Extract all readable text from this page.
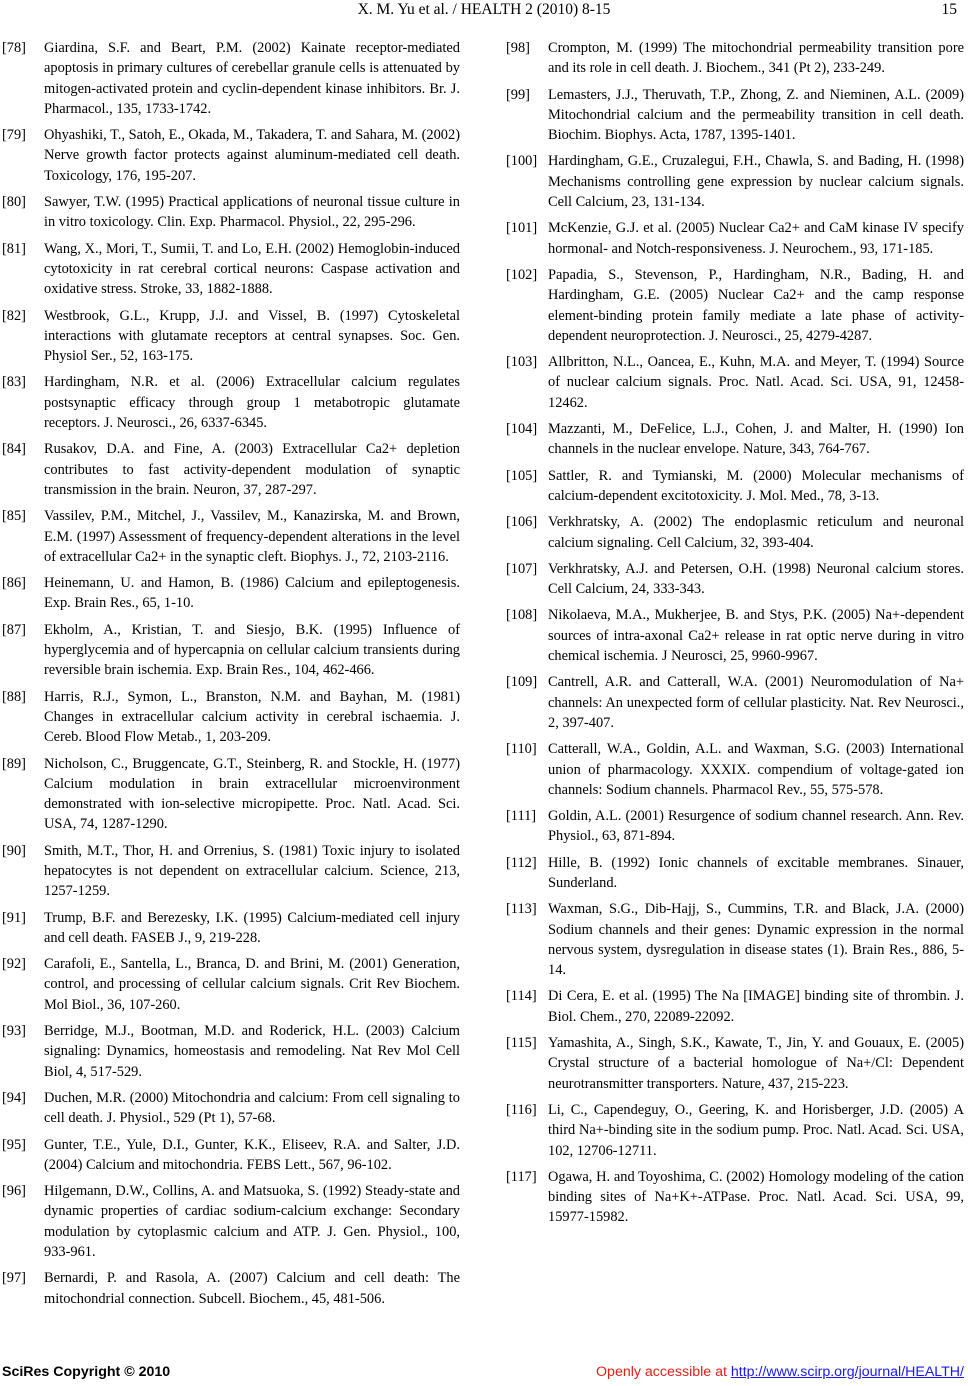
X. M. Yu et al. / HEALTH 2 (2010) 8-15	15
[78] Giardina, S.F. and Beart, P.M. (2002) Kainate receptor-mediated apoptosis in primary cultures of cerebellar granule cells is attenuated by mitogen-activated protein and cyclin-dependent kinase inhibitors. Br. J. Pharmacol., 135, 1733-1742.
[79] Ohyashiki, T., Satoh, E., Okada, M., Takadera, T. and Sahara, M. (2002) Nerve growth factor protects against aluminum-mediated cell death. Toxicology, 176, 195-207.
[80] Sawyer, T.W. (1995) Practical applications of neuronal tissue culture in in vitro toxicology. Clin. Exp. Pharmacol. Physiol., 22, 295-296.
[81] Wang, X., Mori, T., Sumii, T. and Lo, E.H. (2002) Hemoglobin-induced cytotoxicity in rat cerebral cortical neurons: Caspase activation and oxidative stress. Stroke, 33, 1882-1888.
[82] Westbrook, G.L., Krupp, J.J. and Vissel, B. (1997) Cytoskeletal interactions with glutamate receptors at central synapses. Soc. Gen. Physiol Ser., 52, 163-175.
[83] Hardingham, N.R. et al. (2006) Extracellular calcium regulates postsynaptic efficacy through group 1 metabotropic glutamate receptors. J. Neurosci., 26, 6337-6345.
[84] Rusakov, D.A. and Fine, A. (2003) Extracellular Ca2+ depletion contributes to fast activity-dependent modulation of synaptic transmission in the brain. Neuron, 37, 287-297.
[85] Vassilev, P.M., Mitchel, J., Vassilev, M., Kanazirska, M. and Brown, E.M. (1997) Assessment of frequency-dependent alterations in the level of extracellular Ca2+ in the synaptic cleft. Biophys. J., 72, 2103-2116.
[86] Heinemann, U. and Hamon, B. (1986) Calcium and epileptogenesis. Exp. Brain Res., 65, 1-10.
[87] Ekholm, A., Kristian, T. and Siesjo, B.K. (1995) Influence of hyperglycemia and of hypercapnia on cellular calcium transients during reversible brain ischemia. Exp. Brain Res., 104, 462-466.
[88] Harris, R.J., Symon, L., Branston, N.M. and Bayhan, M. (1981) Changes in extracellular calcium activity in cerebral ischaemia. J. Cereb. Blood Flow Metab., 1, 203-209.
[89] Nicholson, C., Bruggencate, G.T., Steinberg, R. and Stockle, H. (1977) Calcium modulation in brain extracellular microenvironment demonstrated with ion-selective micropipette. Proc. Natl. Acad. Sci. USA, 74, 1287-1290.
[90] Smith, M.T., Thor, H. and Orrenius, S. (1981) Toxic injury to isolated hepatocytes is not dependent on extracellular calcium. Science, 213, 1257-1259.
[91] Trump, B.F. and Berezesky, I.K. (1995) Calcium-mediated cell injury and cell death. FASEB J., 9, 219-228.
[92] Carafoli, E., Santella, L., Branca, D. and Brini, M. (2001) Generation, control, and processing of cellular calcium signals. Crit Rev Biochem. Mol Biol., 36, 107-260.
[93] Berridge, M.J., Bootman, M.D. and Roderick, H.L. (2003) Calcium signaling: Dynamics, homeostasis and remodeling. Nat Rev Mol Cell Biol, 4, 517-529.
[94] Duchen, M.R. (2000) Mitochondria and calcium: From cell signaling to cell death. J. Physiol., 529 (Pt 1), 57-68.
[95] Gunter, T.E., Yule, D.I., Gunter, K.K., Eliseev, R.A. and Salter, J.D. (2004) Calcium and mitochondria. FEBS Lett., 567, 96-102.
[96] Hilgemann, D.W., Collins, A. and Matsuoka, S. (1992) Steady-state and dynamic properties of cardiac sodium-calcium exchange: Secondary modulation by cytoplasmic calcium and ATP. J. Gen. Physiol., 100, 933-961.
[97] Bernardi, P. and Rasola, A. (2007) Calcium and cell death: The mitochondrial connection. Subcell. Biochem., 45, 481-506.
[98] Crompton, M. (1999) The mitochondrial permeability transition pore and its role in cell death. J. Biochem., 341 (Pt 2), 233-249.
[99] Lemasters, J.J., Theruvath, T.P., Zhong, Z. and Nieminen, A.L. (2009) Mitochondrial calcium and the permeability transition in cell death. Biochim. Biophys. Acta, 1787, 1395-1401.
[100] Hardingham, G.E., Cruzalegui, F.H., Chawla, S. and Bading, H. (1998) Mechanisms controlling gene expression by nuclear calcium signals. Cell Calcium, 23, 131-134.
[101] McKenzie, G.J. et al. (2005) Nuclear Ca2+ and CaM kinase IV specify hormonal- and Notch-responsiveness. J. Neurochem., 93, 171-185.
[102] Papadia, S., Stevenson, P., Hardingham, N.R., Bading, H. and Hardingham, G.E. (2005) Nuclear Ca2+ and the camp response element-binding protein family mediate a late phase of activity-dependent neuroprotection. J. Neurosci., 25, 4279-4287.
[103] Allbritton, N.L., Oancea, E., Kuhn, M.A. and Meyer, T. (1994) Source of nuclear calcium signals. Proc. Natl. Acad. Sci. USA, 91, 12458-12462.
[104] Mazzanti, M., DeFelice, L.J., Cohen, J. and Malter, H. (1990) Ion channels in the nuclear envelope. Nature, 343, 764-767.
[105] Sattler, R. and Tymianski, M. (2000) Molecular mechanisms of calcium-dependent excitotoxicity. J. Mol. Med., 78, 3-13.
[106] Verkhratsky, A. (2002) The endoplasmic reticulum and neuronal calcium signaling. Cell Calcium, 32, 393-404.
[107] Verkhratsky, A.J. and Petersen, O.H. (1998) Neuronal calcium stores. Cell Calcium, 24, 333-343.
[108] Nikolaeva, M.A., Mukherjee, B. and Stys, P.K. (2005) Na+-dependent sources of intra-axonal Ca2+ release in rat optic nerve during in vitro chemical ischemia. J Neurosci, 25, 9960-9967.
[109] Cantrell, A.R. and Catterall, W.A. (2001) Neuromodulation of Na+ channels: An unexpected form of cellular plasticity. Nat. Rev Neurosci., 2, 397-407.
[110] Catterall, W.A., Goldin, A.L. and Waxman, S.G. (2003) International union of pharmacology. XXXIX. compendium of voltage-gated ion channels: Sodium channels. Pharmacol Rev., 55, 575-578.
[111] Goldin, A.L. (2001) Resurgence of sodium channel research. Ann. Rev. Physiol., 63, 871-894.
[112] Hille, B. (1992) Ionic channels of excitable membranes. Sinauer, Sunderland.
[113] Waxman, S.G., Dib-Hajj, S., Cummins, T.R. and Black, J.A. (2000) Sodium channels and their genes: Dynamic expression in the normal nervous system, dysregulation in disease states (1). Brain Res., 886, 5-14.
[114] Di Cera, E. et al. (1995) The Na [IMAGE] binding site of thrombin. J. Biol. Chem., 270, 22089-22092.
[115] Yamashita, A., Singh, S.K., Kawate, T., Jin, Y. and Gouaux, E. (2005) Crystal structure of a bacterial homologue of Na+/Cl: Dependent neurotransmitter transporters. Nature, 437, 215-223.
[116] Li, C., Capendeguy, O., Geering, K. and Horisberger, J.D. (2005) A third Na+-binding site in the sodium pump. Proc. Natl. Acad. Sci. USA, 102, 12706-12711.
[117] Ogawa, H. and Toyoshima, C. (2002) Homology modeling of the cation binding sites of Na+K+-ATPase. Proc. Natl. Acad. Sci. USA, 99, 15977-15982.
SciRes Copyright © 2010	Openly accessible at http://www.scirp.org/journal/HEALTH/
